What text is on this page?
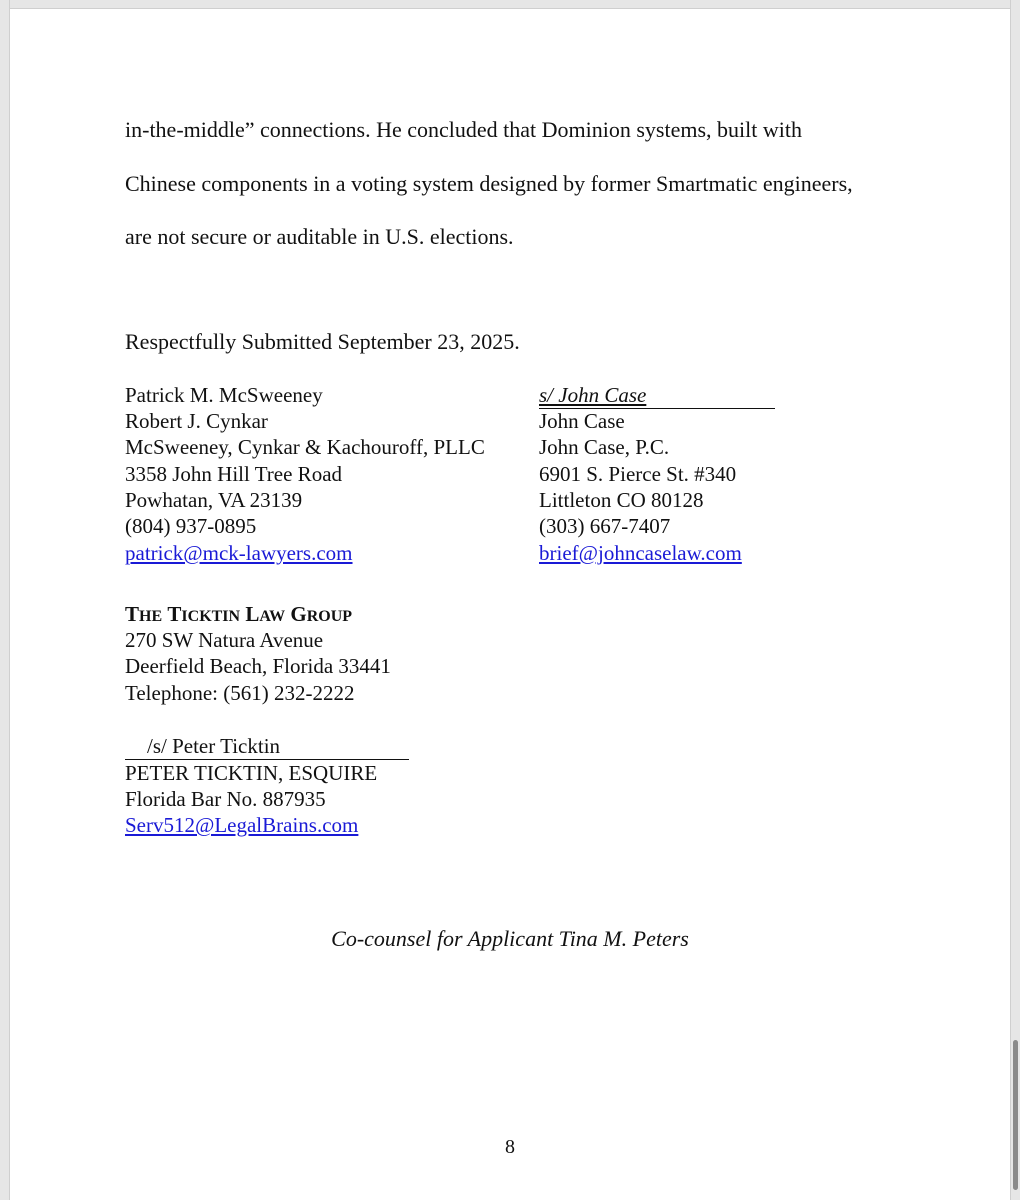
in-the-middle” connections. He concluded that Dominion systems, built with
Chinese components in a voting system designed by former Smartmatic engineers,
are not secure or auditable in U.S. elections.
Respectfully Submitted September 23, 2025.
Patrick M. McSweeney
Robert J. Cynkar
McSweeney, Cynkar & Kachouroff, PLLC
3358 John Hill Tree Road
Powhatan, VA 23139
(804) 937-0895
patrick@mck-lawyers.com
s/ John Case
John Case
John Case, P.C.
6901 S. Pierce St. #340
Littleton CO 80128
(303) 667-7407
brief@johncaselaw.com
THE TICKTIN LAW GROUP
270 SW Natura Avenue
Deerfield Beach, Florida 33441
Telephone: (561) 232-2222
/s/ Peter Ticktin
PETER TICKTIN, ESQUIRE
Florida Bar No. 887935
Serv512@LegalBrains.com
Co-counsel for Applicant Tina M. Peters
8
